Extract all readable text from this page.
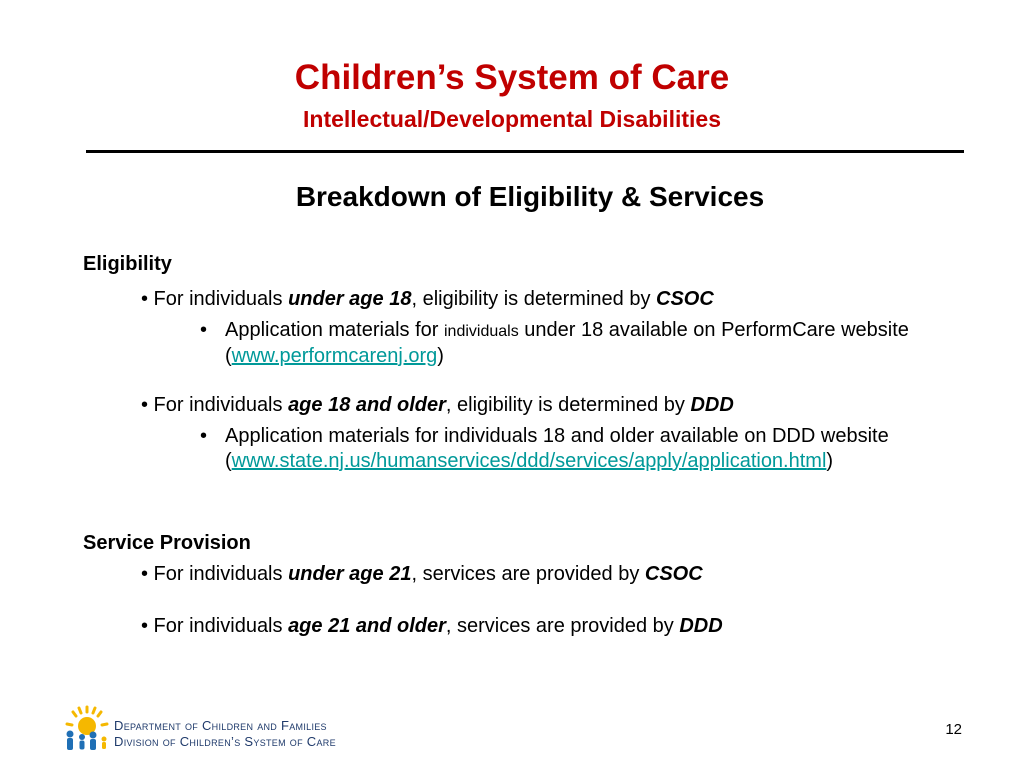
Children’s System of Care
Intellectual/Developmental Disabilities
Breakdown of Eligibility & Services
Eligibility
• For individuals under age 18, eligibility is determined by CSOC
• Application materials for individuals under 18 available on PerformCare website (www.performcarenj.org)
• For individuals age 18 and older, eligibility is determined by DDD
• Application materials for individuals 18 and older available on DDD website (www.state.nj.us/humanservices/ddd/services/apply/application.html)
Service Provision
• For individuals under age 21, services are provided by CSOC
• For individuals age 21 and older, services are provided by DDD
Department of Children and Families
Division of Children’s System of Care
12
